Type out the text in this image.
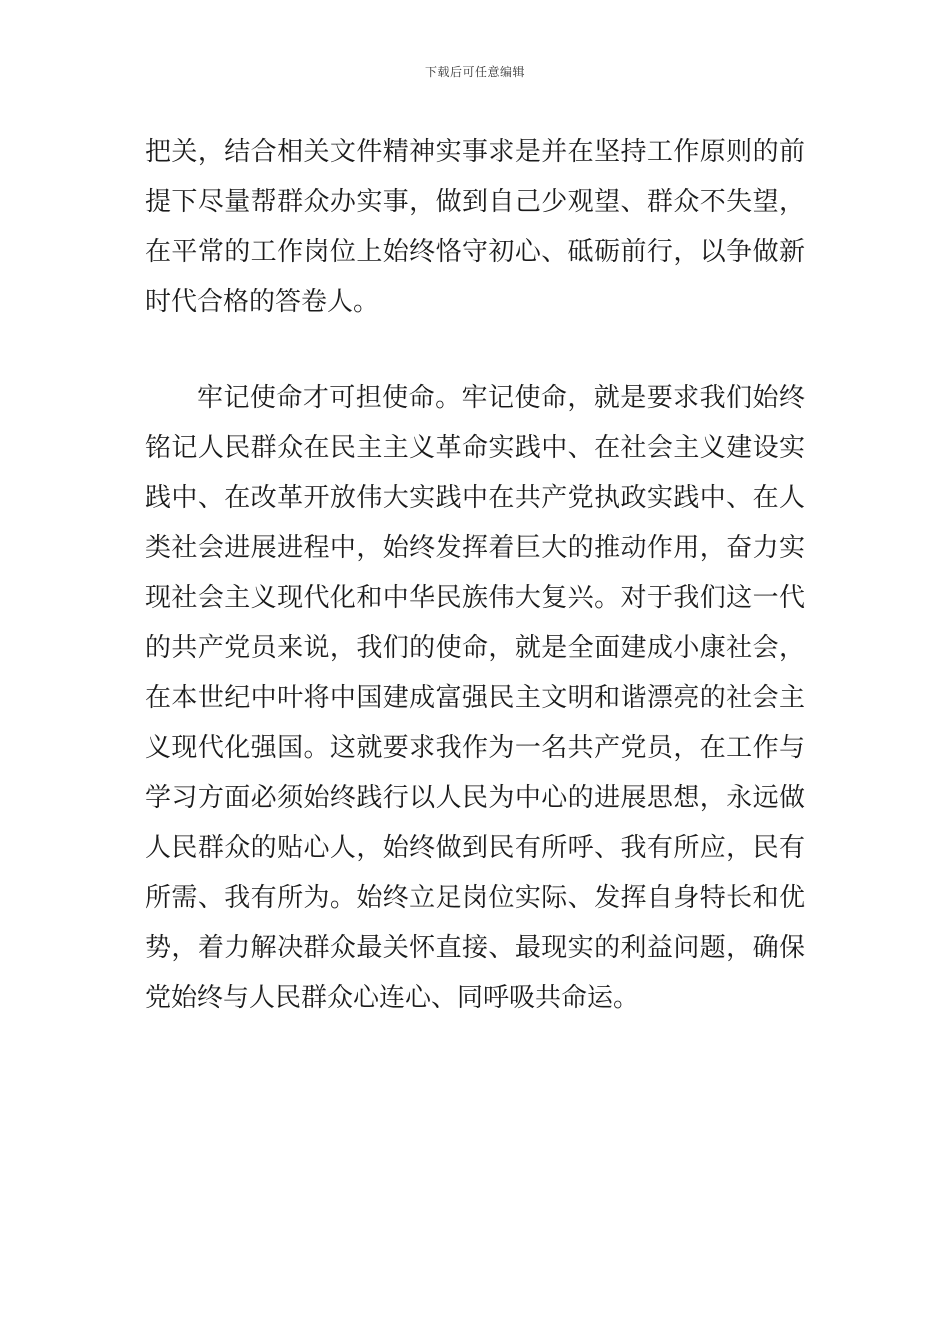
下载后可任意编辑

把关，结合相关文件精神实事求是并在坚持工作原则的前提下尽量帮群众办实事，做到自己少观望、群众不失望，在平常的工作岗位上始终恪守初心、砥砺前行，以争做新时代合格的答卷人。

牢记使命才可担使命。牢记使命，就是要求我们始终铭记人民群众在民主主义革命实践中、在社会主义建设实践中、在改革开放伟大实践中在共产党执政实践中、在人类社会进展进程中，始终发挥着巨大的推动作用，奋力实现社会主义现代化和中华民族伟大复兴。对于我们这一代的共产党员来说，我们的使命，就是全面建成小康社会，在本世纪中叶将中国建成富强民主文明和谐漂亮的社会主义现代化强国。这就要求我作为一名共产党员，在工作与学习方面必须始终践行以人民为中心的进展思想，永远做人民群众的贴心人，始终做到民有所呼、我有所应，民有所需、我有所为。始终立足岗位实际、发挥自身特长和优势，着力解决群众最关怀直接、最现实的利益问题，确保党始终与人民群众心连心、同呼吸共命运。
